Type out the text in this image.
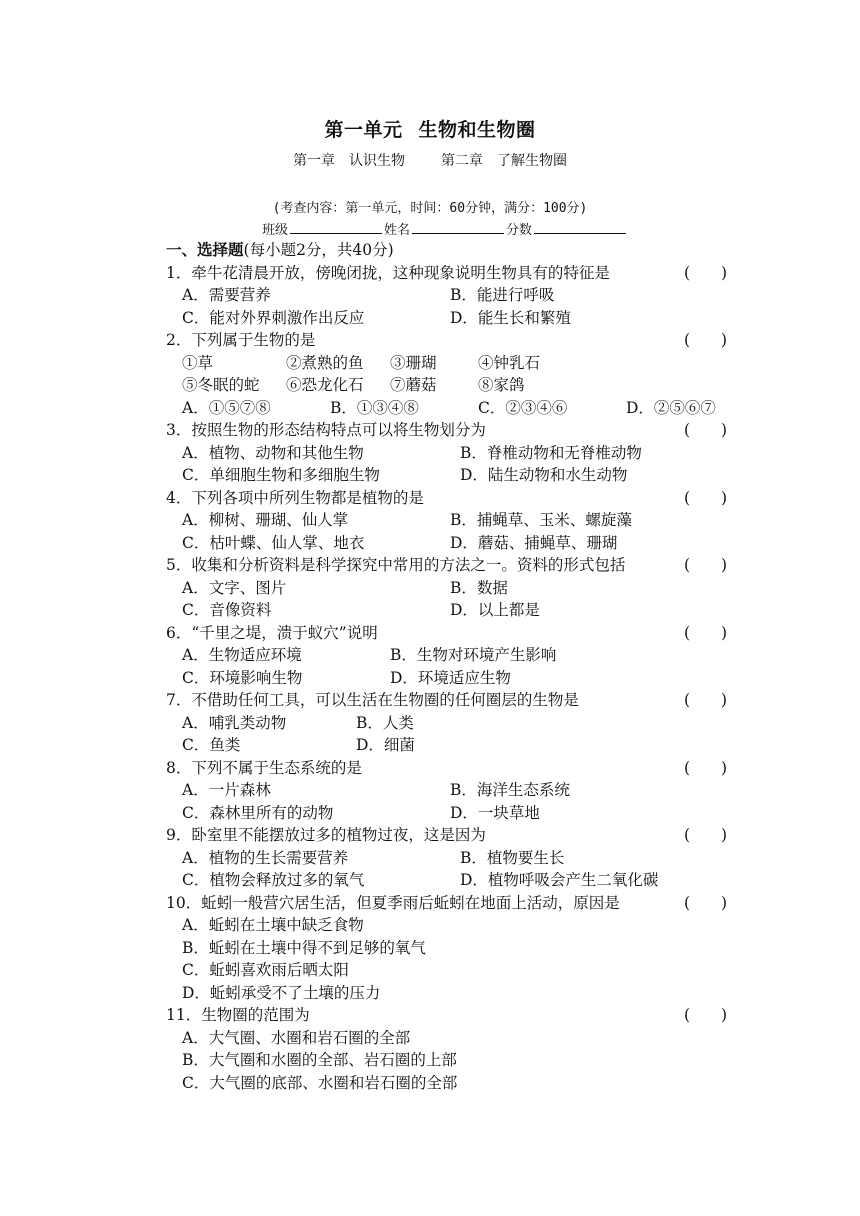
第一单元 生物和生物圈
第一章　认识生物	第二章　了解生物圈
(考查内容：第一单元，时间：60分钟，满分：100分)
班级	姓名	分数
一、选择题(每小题2分，共40分)
1．牵牛花清晨开放，傍晚闭拢，这种现象说明生物具有的特征是	(　　)
A．需要营养	B．能进行呼吸
C．能对外界刺激作出反应	D．能生长和繁殖
2．下列属于生物的是	(　　)
①草	②煮熟的鱼 ③珊瑚	④钟乳石
⑤冬眠的蛇 ⑥恐龙化石 ⑦蘑菇	⑧家鸽
A．①⑤⑦⑧	B．①③④⑧	C．②③④⑥	D．②⑤⑥⑦
3．按照生物的形态结构特点可以将生物划分为	(　　)
A．植物、动物和其他生物	B．脊椎动物和无脊椎动物
C．单细胞生物和多细胞生物	D．陆生动物和水生动物
4．下列各项中所列生物都是植物的是	(　　)
A．柳树、珊瑚、仙人掌	B．捕蝇草、玉米、螺旋藻
C．枯叶蝶、仙人掌、地衣	D．蘑菇、捕蝇草、珊瑚
5．收集和分析资料是科学探究中常用的方法之一。资料的形式包括	(　　)
A．文字、图片	B．数据
C．音像资料	D．以上都是
6．“千里之堤，溃于蚁穴”说明	(　　)
A．生物适应环境	B．生物对环境产生影响
C．环境影响生物	D．环境适应生物
7．不借助任何工具，可以生活在生物圈的任何圈层的生物是	(　　)
A．哺乳类动物	B．人类
C．鱼类	D．细菌
8．下列不属于生态系统的是	(　　)
A．一片森林	B．海洋生态系统
C．森林里所有的动物	D．一块草地
9．卧室里不能摆放过多的植物过夜，这是因为	(　　)
A．植物的生长需要营养	B．植物要生长
C．植物会释放过多的氧气	D．植物呼吸会产生二氧化碳
10．蚯蚓一般营穴居生活，但夏季雨后蚯蚓在地面上活动，原因是	(　　)
A．蚯蚓在土壤中缺乏食物
B．蚯蚓在土壤中得不到足够的氧气
C．蚯蚓喜欢雨后晒太阳
D．蚯蚓承受不了土壤的压力
11．生物圈的范围为	(　　)
A．大气圈、水圈和岩石圈的全部
B．大气圈和水圈的全部、岩石圈的上部
C．大气圈的底部、水圈和岩石圈的全部
